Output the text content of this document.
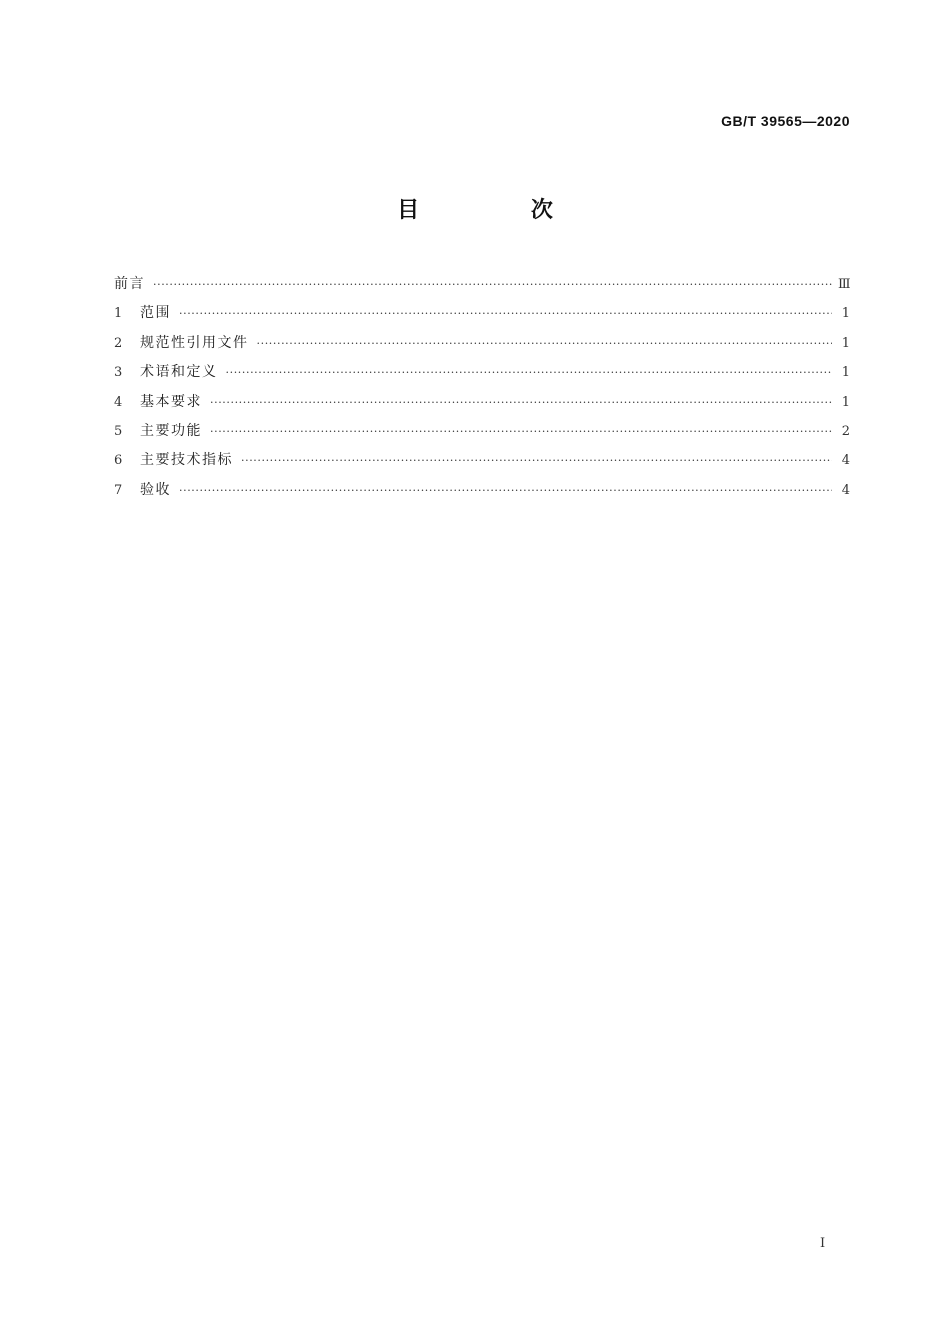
GB/T 39565—2020
目 次
前言 ·····	Ⅲ
1	范围 ·····	1
2	规范性引用文件 ·····	1
3	术语和定义 ·····	1
4	基本要求 ·····	1
5	主要功能 ·····	2
6	主要技术指标 ·····	4
7	验收 ·····	4
I
